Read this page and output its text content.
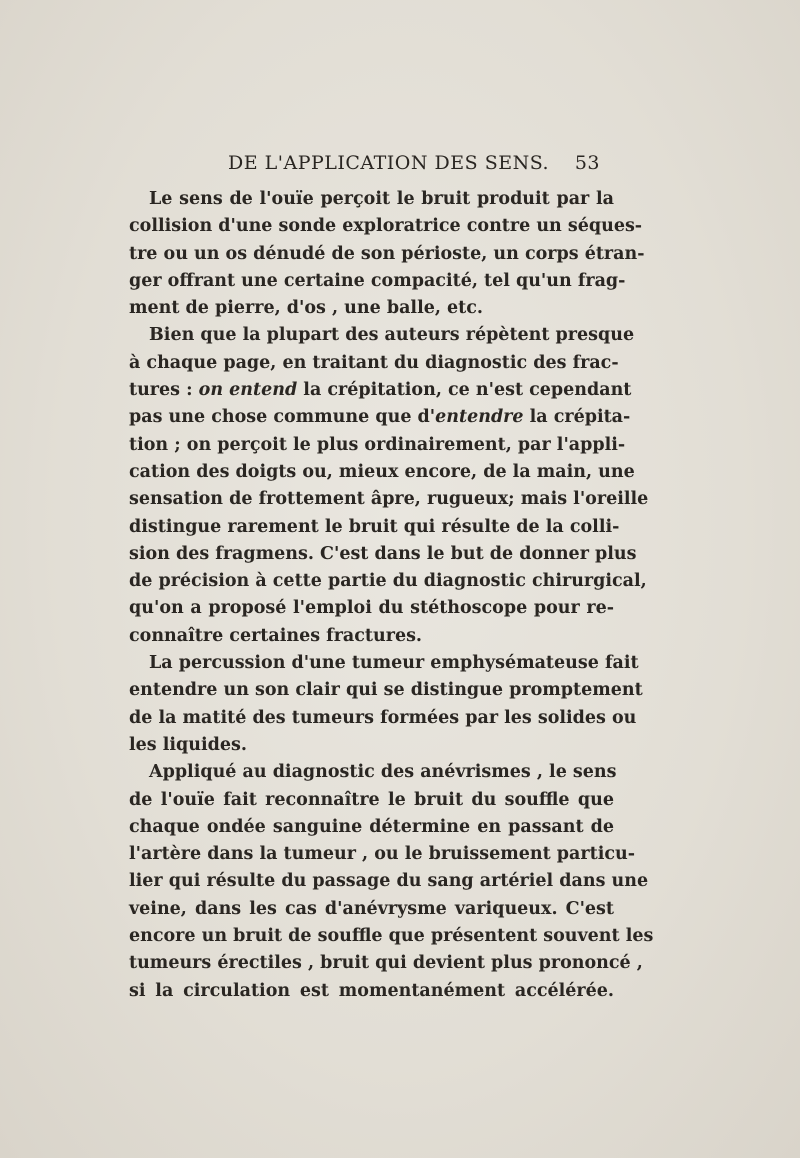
DE L'APPLICATION DES SENS. 53
Le sens de l'ouïe perçoit le bruit produit par la
collision d'une sonde exploratrice contre un séques-
tre ou un os dénudé de son périoste, un corps étran-
ger offrant une certaine compacité, tel qu'un frag-
ment de pierre, d'os , une balle, etc.
Bien que la plupart des auteurs répètent presque
à chaque page, en traitant du diagnostic des frac-
tures : on entend la crépitation, ce n'est cependant
pas une chose commune que d'entendre la crépita-
tion ; on perçoit le plus ordinairement, par l'appli-
cation des doigts ou, mieux encore, de la main, une
sensation de frottement âpre, rugueux; mais l'oreille
distingue rarement le bruit qui résulte de la colli-
sion des fragmens. C'est dans le but de donner plus
de précision à cette partie du diagnostic chirurgical,
qu'on a proposé l'emploi du stéthoscope pour re-
connaître certaines fractures.
La percussion d'une tumeur emphysémateuse fait
entendre un son clair qui se distingue promptement
de la matité des tumeurs formées par les solides ou
les liquides.
Appliqué au diagnostic des anévrismes , le sens
de l'ouïe fait reconnaître le bruit du souffle que
chaque ondée sanguine détermine en passant de
l'artère dans la tumeur , ou le bruissement particu-
lier qui résulte du passage du sang artériel dans une
veine, dans les cas d'anévrysme variqueux. C'est
encore un bruit de souffle que présentent souvent les
tumeurs érectiles , bruit qui devient plus prononcé ,
si la circulation est momentanément accélérée.
